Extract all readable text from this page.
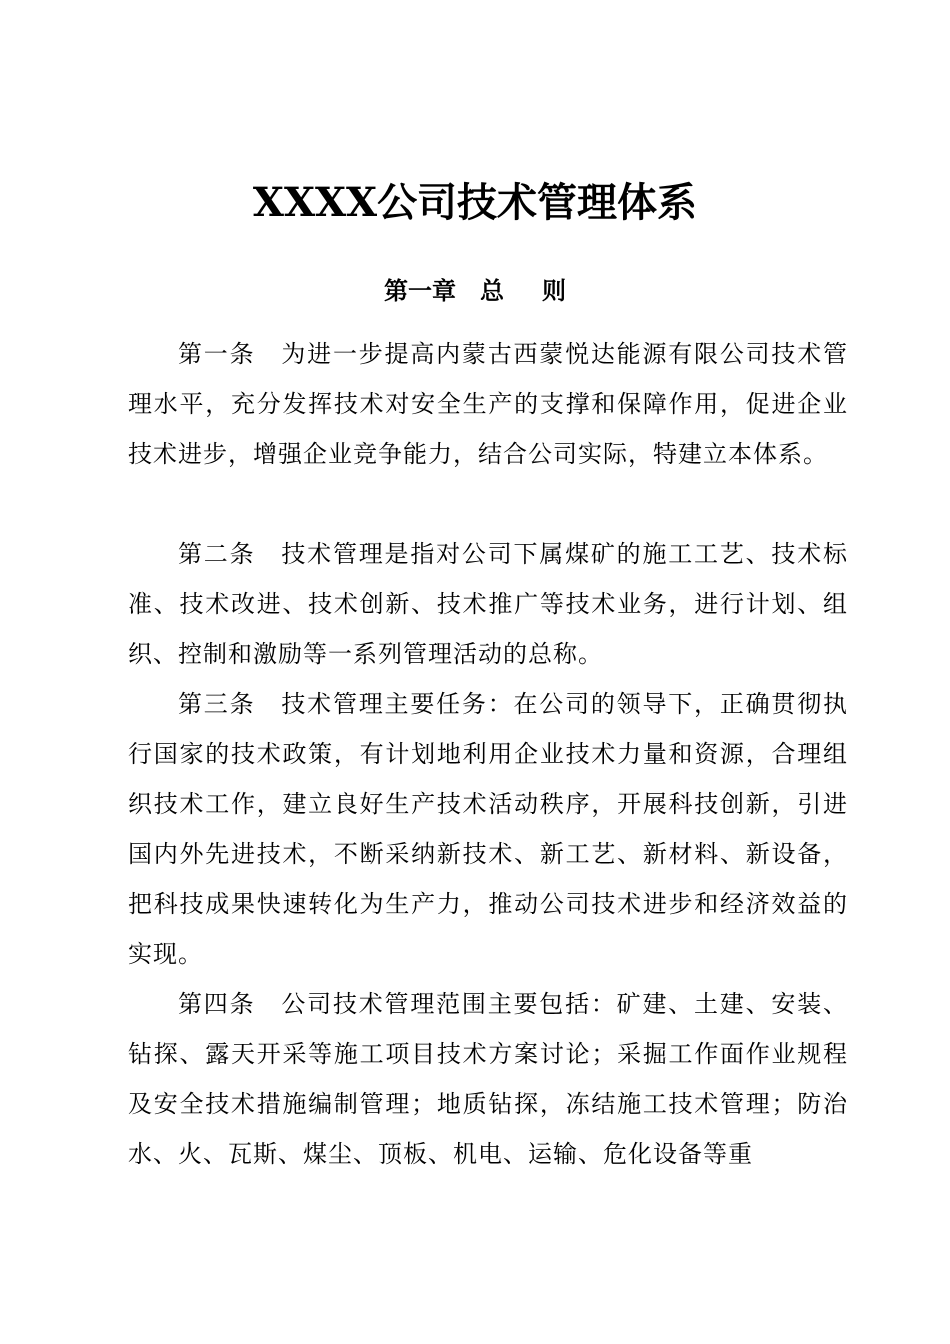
XXXX公司技术管理体系
第一章 总 则

第一条 为进一步提高内蒙古西蒙悦达能源有限公司技术管理水平，充分发挥技术对安全生产的支撑和保障作用，促进企业技术进步，增强企业竞争能力，结合公司实际，特建立本体系。

第二条 技术管理是指对公司下属煤矿的施工工艺、技术标准、技术改进、技术创新、技术推广等技术业务，进行计划、组织、控制和激励等一系列管理活动的总称。

第三条 技术管理主要任务：在公司的领导下，正确贯彻执行国家的技术政策，有计划地利用企业技术力量和资源，合理组织技术工作，建立良好生产技术活动秩序，开展科技创新，引进国内外先进技术，不断采纳新技术、新工艺、新材料、新设备，把科技成果快速转化为生产力，推动公司技术进步和经济效益的实现。

第四条 公司技术管理范围主要包括：矿建、土建、安装、钻探、露天开采等施工项目技术方案讨论；采掘工作面作业规程及安全技术措施编制管理；地质钻探，冻结施工技术管理；防治水、火、瓦斯、煤尘、顶板、机电、运输、危化设备等重
